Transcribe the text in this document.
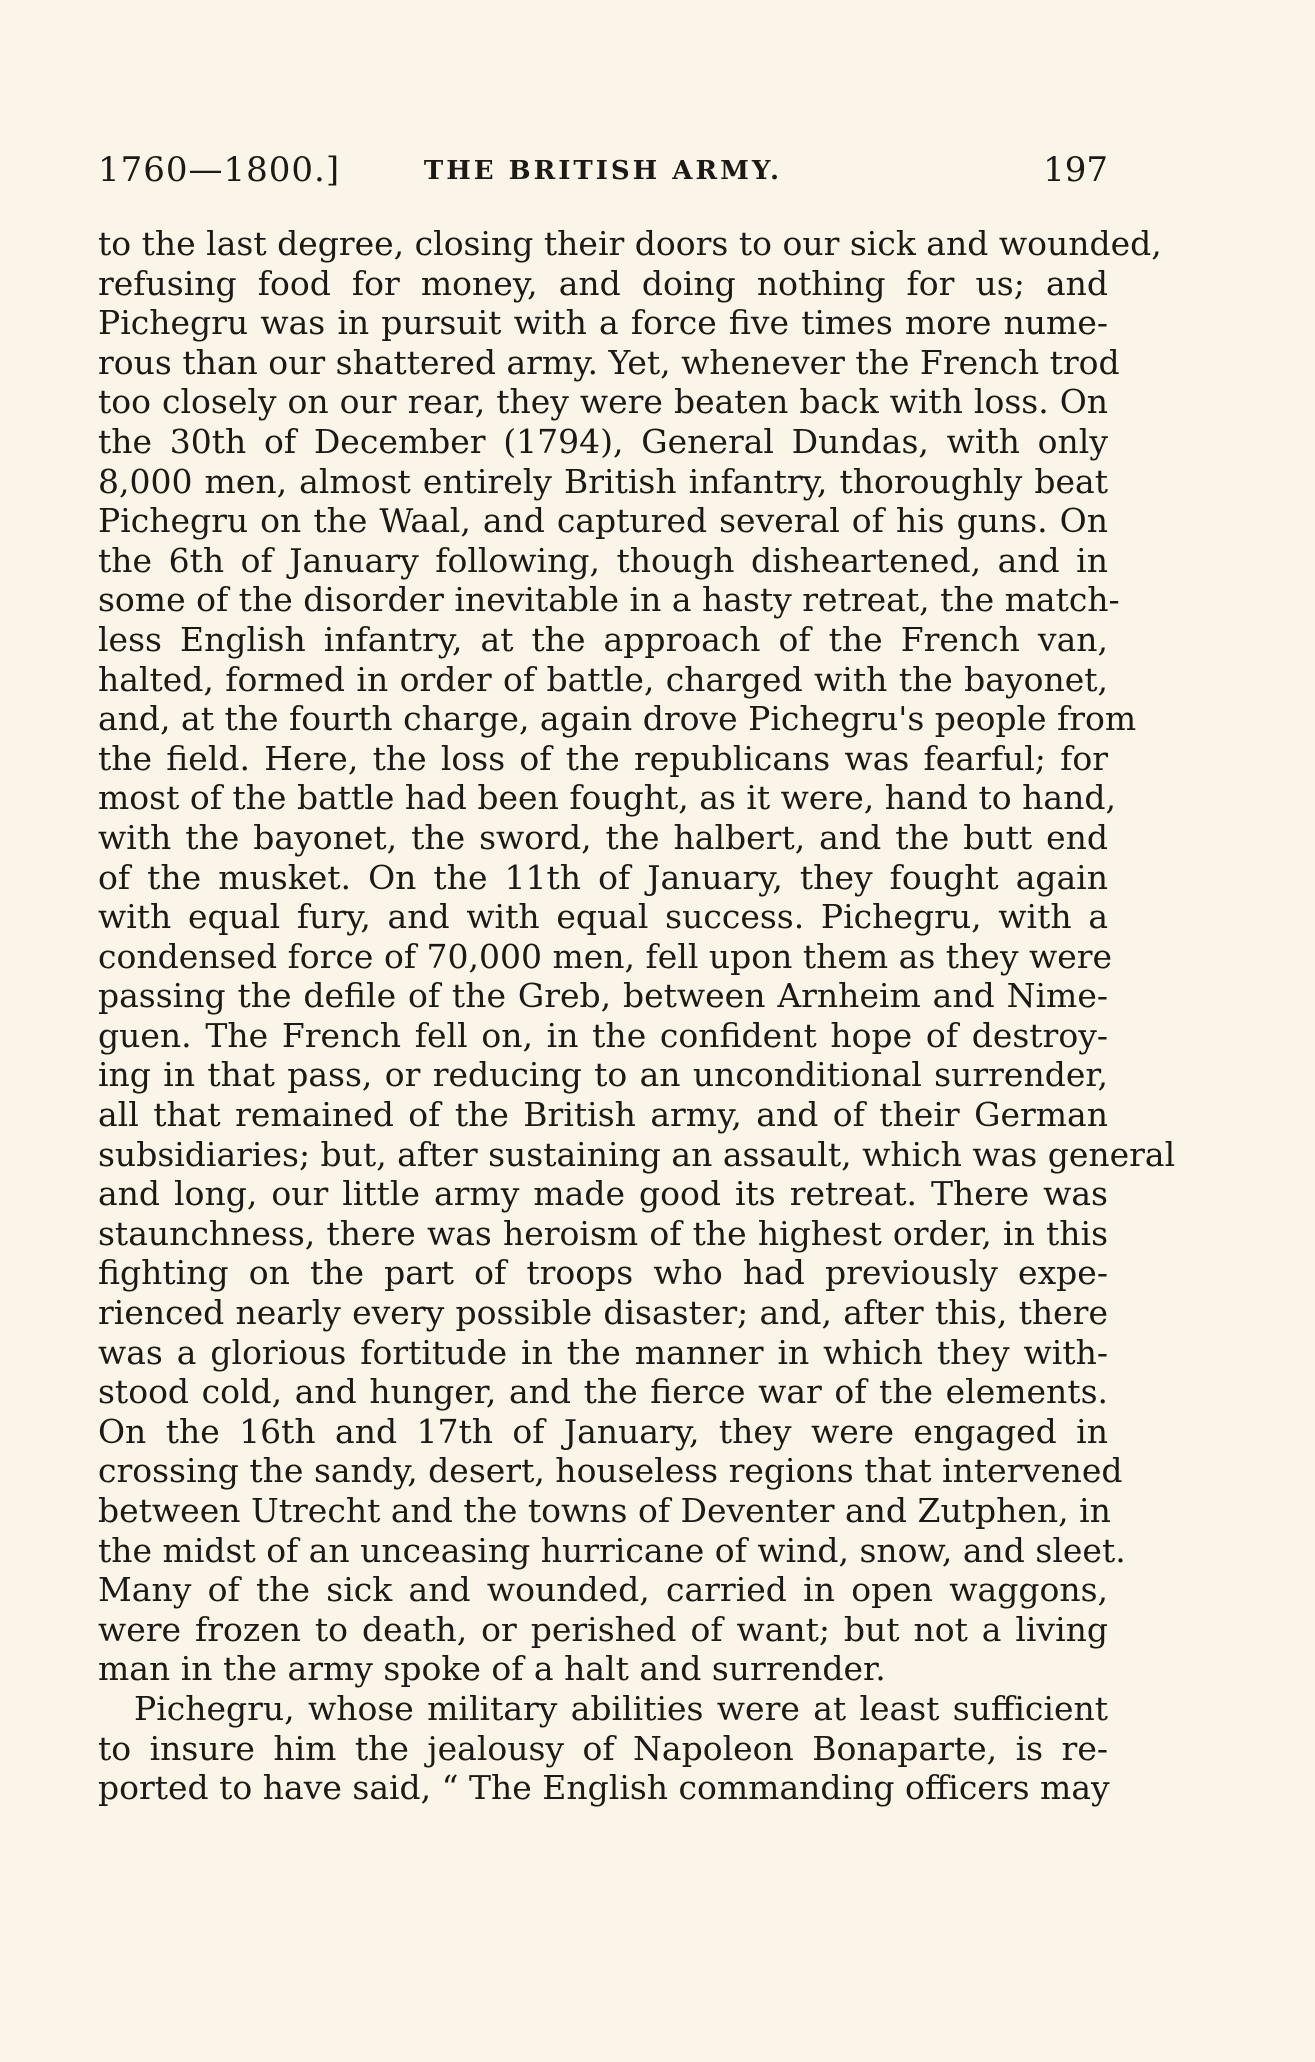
1760—1800.]	THE BRITISH ARMY.	197
to the last degree, closing their doors to our sick and wounded,
refusing food for money, and doing nothing for us; and
Pichegru was in pursuit with a force five times more nume-
rous than our shattered army. Yet, whenever the French trod
too closely on our rear, they were beaten back with loss. On
the 30th of December (1794), General Dundas, with only
8,000 men, almost entirely British infantry, thoroughly beat
Pichegru on the Waal, and captured several of his guns. On
the 6th of January following, though disheartened, and in
some of the disorder inevitable in a hasty retreat, the match-
less English infantry, at the approach of the French van,
halted, formed in order of battle, charged with the bayonet,
and, at the fourth charge, again drove Pichegru's people from
the field. Here, the loss of the republicans was fearful; for
most of the battle had been fought, as it were, hand to hand,
with the bayonet, the sword, the halbert, and the butt end
of the musket. On the 11th of January, they fought again
with equal fury, and with equal success. Pichegru, with a
condensed force of 70,000 men, fell upon them as they were
passing the defile of the Greb, between Arnheim and Nime-
guen. The French fell on, in the confident hope of destroy-
ing in that pass, or reducing to an unconditional surrender,
all that remained of the British army, and of their German
subsidiaries; but, after sustaining an assault, which was general
and long, our little army made good its retreat. There was
staunchness, there was heroism of the highest order, in this
fighting on the part of troops who had previously expe-
rienced nearly every possible disaster; and, after this, there
was a glorious fortitude in the manner in which they with-
stood cold, and hunger, and the fierce war of the elements.
On the 16th and 17th of January, they were engaged in
crossing the sandy, desert, houseless regions that intervened
between Utrecht and the towns of Deventer and Zutphen, in
the midst of an unceasing hurricane of wind, snow, and sleet.
Many of the sick and wounded, carried in open waggons,
were frozen to death, or perished of want; but not a living
man in the army spoke of a halt and surrender.
Pichegru, whose military abilities were at least sufficient
to insure him the jealousy of Napoleon Bonaparte, is re-
ported to have said, “ The English commanding officers may
